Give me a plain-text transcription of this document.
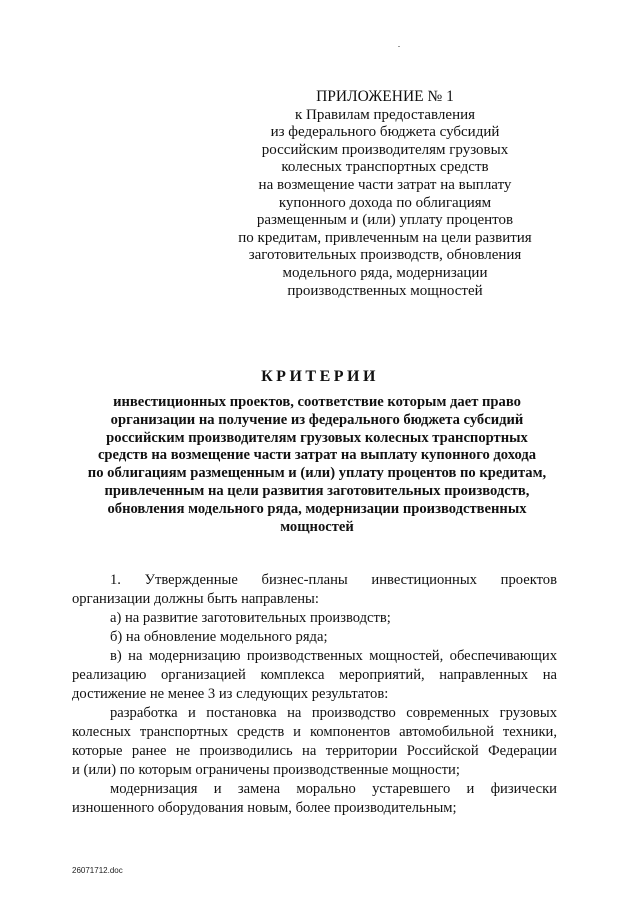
ПРИЛОЖЕНИЕ № 1
к Правилам предоставления
из федерального бюджета субсидий
российским производителям грузовых
колесных транспортных средств
на возмещение части затрат на выплату
купонного дохода по облигациям
размещенным и (или) уплату процентов
по кредитам, привлеченным на цели развития
заготовительных производств, обновления
модельного ряда, модернизации
производственных мощностей
КРИТЕРИИ
инвестиционных проектов, соответствие которым дает право
организации на получение из федерального бюджета субсидий
российским производителям грузовых колесных транспортных
средств на возмещение части затрат на выплату купонного дохода
по облигациям размещенным и (или) уплату процентов по кредитам,
привлеченным на цели развития заготовительных производств,
обновления модельного ряда, модернизации производственных
мощностей

1. Утвержденные бизнес-планы инвестиционных проектов
организации должны быть направлены:

а) на развитие заготовительных производств;

б) на обновление модельного ряда;

в) на модернизацию производственных мощностей, обеспечивающих
реализацию организацией комплекса мероприятий, направленных на
достижение не менее 3 из следующих результатов:

разработка и постановка на производство современных грузовых
колесных транспортных средств и компонентов автомобильной техники,
которые ранее не производились на территории Российской Федерации
и (или) по которым ограничены производственные мощности;

модернизация и замена морально устаревшего и физически
изношенного оборудования новым, более производительным;

26071712.doc
